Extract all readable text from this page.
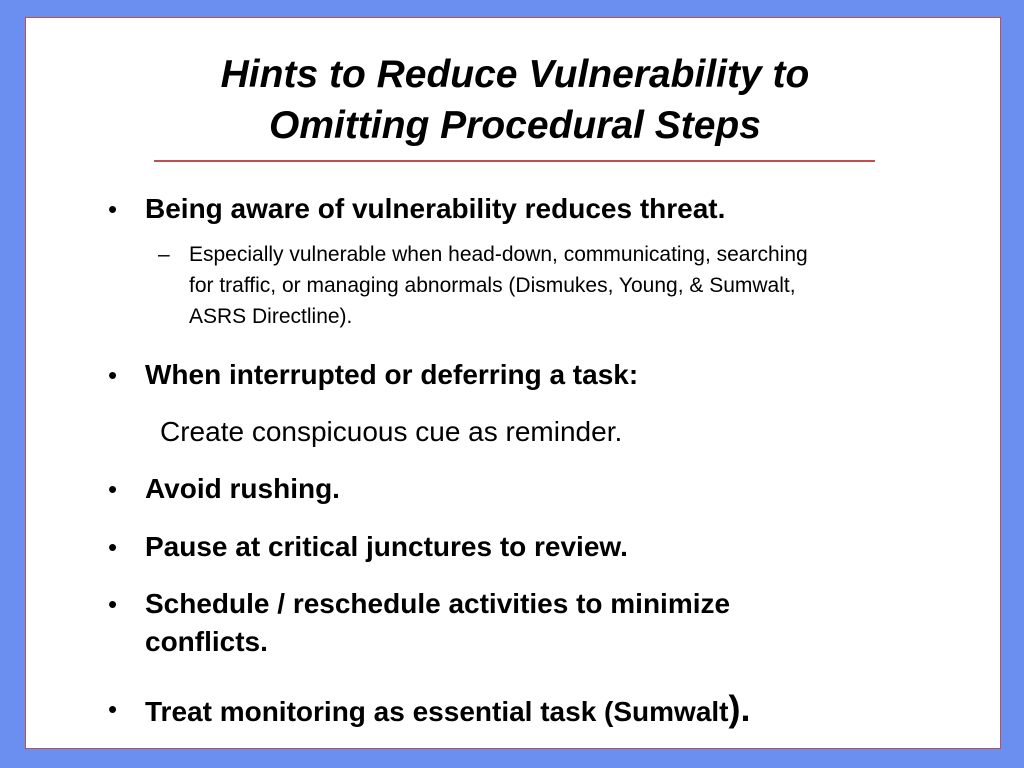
Hints to Reduce Vulnerability to
Omitting Procedural Steps
• Being aware of vulnerability reduces threat.
– Especially vulnerable when head-down, communicating, searching
for traffic, or managing abnormals (Dismukes, Young, & Sumwalt,
ASRS Directline).
• When interrupted or deferring a task:
Create conspicuous cue as reminder.
• Avoid rushing.
• Pause at critical junctures to review.
• Schedule / reschedule activities to minimize
conflicts.
• Treat monitoring as essential task (Sumwalt).
